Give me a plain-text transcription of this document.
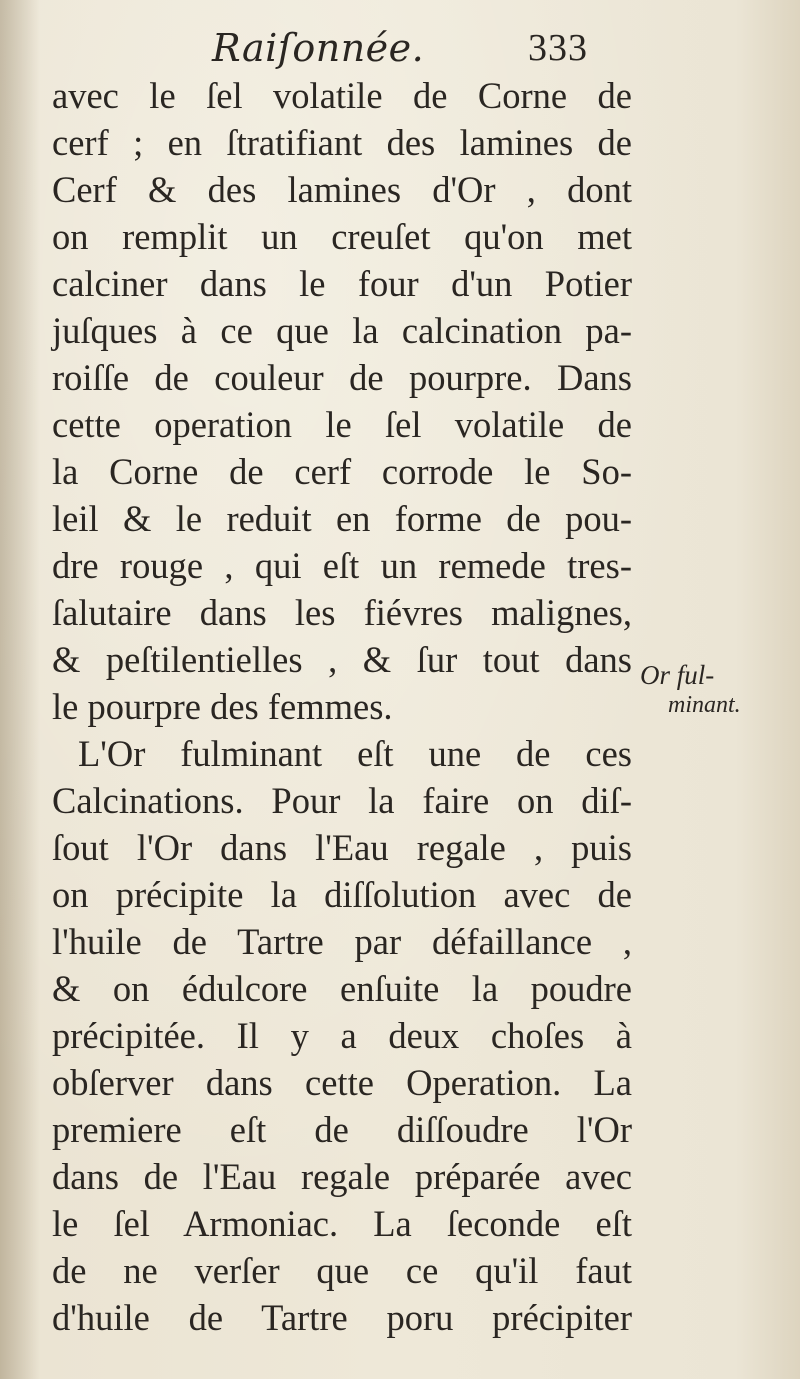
Raiſonnée.	333
avec le ſel volatile de Corne de
cerf ; en ſtratifiant des lamines de
Cerf & des lamines d'Or , dont
on remplit un creuſet qu'on met
calciner dans le four d'un Potier
juſques à ce que la calcination pa-
roiſſe de couleur de pourpre. Dans
cette operation le ſel volatile de
la Corne de cerf corrode le So-
leil & le reduit en forme de pou-
dre rouge , qui eſt un remede tres-
ſalutaire dans les fiévres malignes,
& peſtilentielles , & ſur tout dans
le pourpre des femmes.
L'Or fulminant eſt une de ces
Calcinations. Pour la faire on diſ-
ſout l'Or dans l'Eau regale , puis
on précipite la diſſolution avec de
l'huile de Tartre par défaillance ,
& on édulcore enſuite la poudre
précipitée. Il y a deux choſes à
obſerver dans cette Operation. La
premiere eſt de diſſoudre l'Or
dans de l'Eau regale préparée avec
le ſel Armoniac. La ſeconde eſt
de ne verſer que ce qu'il faut
d'huile de Tartre poru précipiter
Or ful-
minant.
